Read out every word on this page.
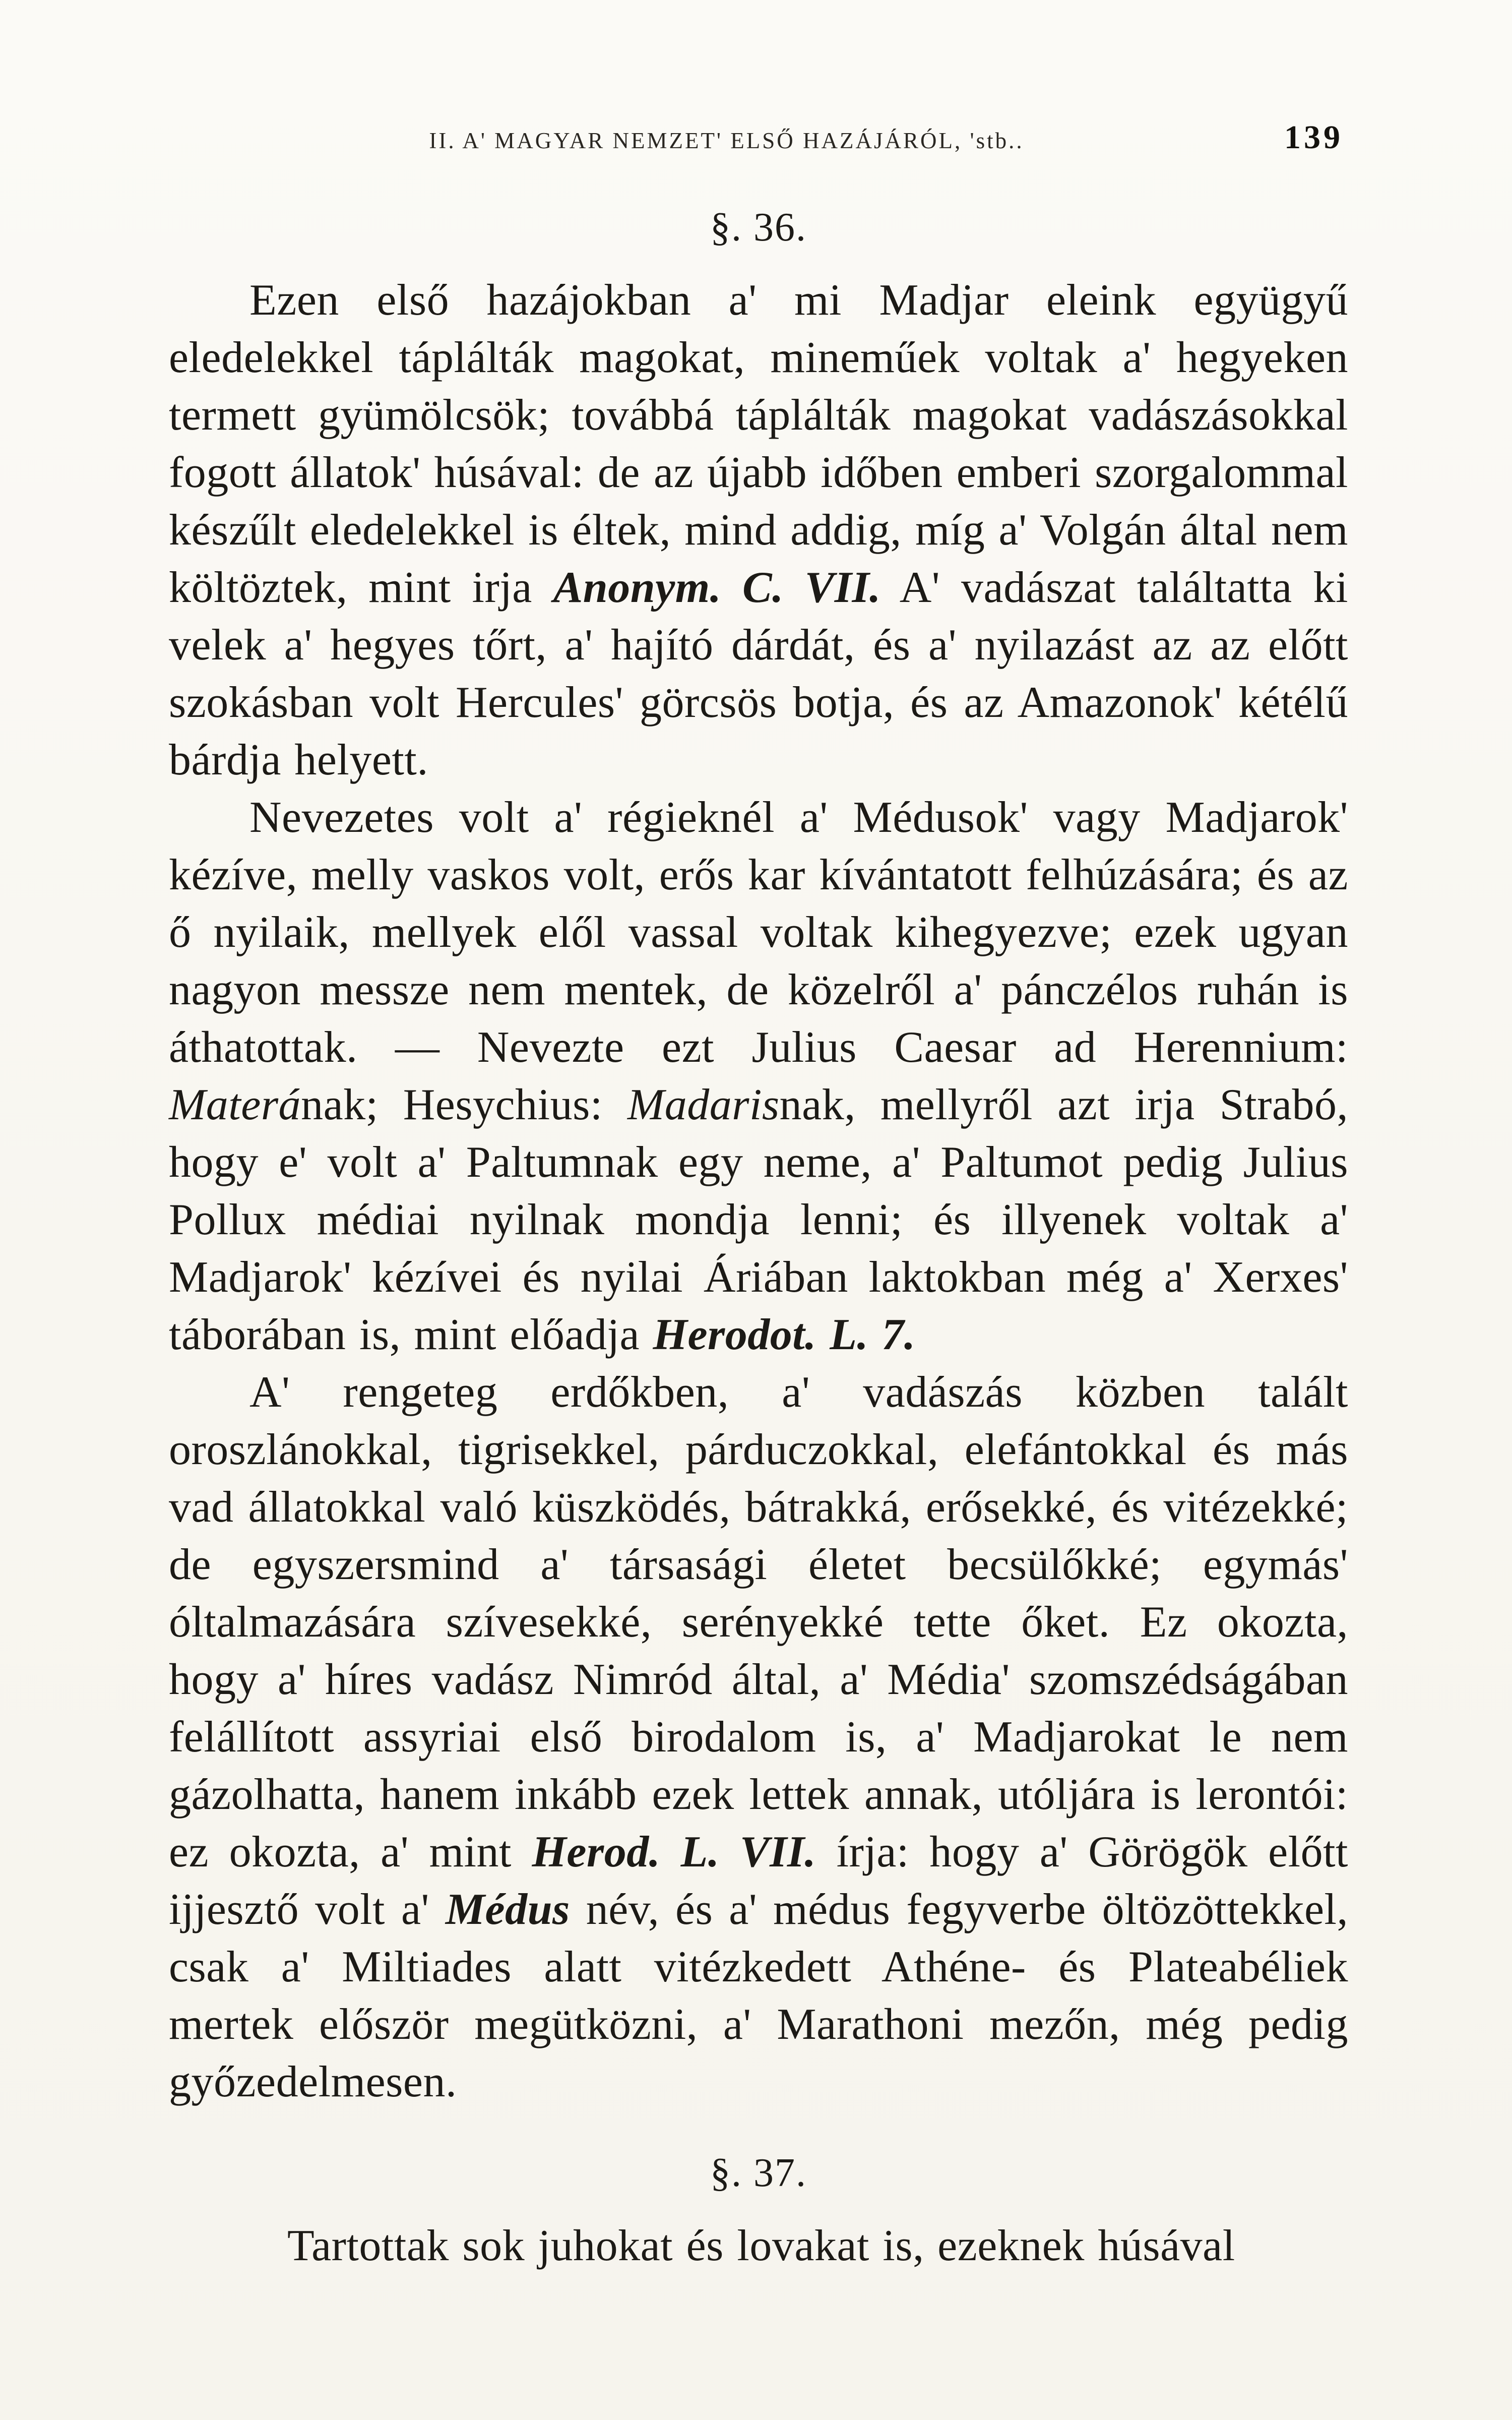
II. A' MAGYAR NEMZET' ELSŐ HAZÁJÁRÓL, 'stb..	139
§. 36.

Ezen első hazájokban a' mi Madjar eleink együgyű eledelekkel táplálták magokat, mineműek voltak a' hegyeken termett gyümölcsök; továbbá táplálták magokat vadászásokkal fogott állatok' húsával: de az újabb időben emberi szorgalommal készűlt eledelekkel is éltek, mind addig, míg a' Volgán által nem költöztek, mint irja Anonym. C. VII. A' vadászat találtatta ki velek a' hegyes tőrt, a' hajító dárdát, és a' nyilazást az az előtt szokásban volt Hercules' görcsös botja, és az Amazonok' kétélű bárdja helyett.

Nevezetes volt a' régieknél a' Médusok' vagy Madjarok' kézíve, melly vaskos volt, erős kar kívántatott felhúzására; és az ő nyilaik, mellyek elől vassal voltak kihegyezve; ezek ugyan nagyon messze nem mentek, de közelről a' pánczélos ruhán is áthatottak. — Nevezte ezt Julius Caesar ad Herennium: Materának; Hesychius: Madarisnak, mellyről azt irja Strabó, hogy e' volt a' Paltumnak egy neme, a' Paltumot pedig Julius Pollux médiai nyilnak mondja lenni; és illyenek voltak a' Madjarok' kézívei és nyilai Áriában laktokban még a' Xerxes' táborában is, mint előadja Herodot. L. 7.

A' rengeteg erdőkben, a' vadászás közben talált oroszlánokkal, tigrisekkel, párduczokkal, elefántokkal és más vad állatokkal való küszködés, bátrakká, erősekké, és vitézekké; de egyszersmind a' társasági életet becsülőkké; egymás' óltalmazására szívesekké, serényekké tette őket. Ez okozta, hogy a' híres vadász Nimród által, a' Média' szomszédságában felállított assyriai első birodalom is, a' Madjarokat le nem gázolhatta, hanem inkább ezek lettek annak, utóljára is lerontói: ez okozta, a' mint Herod. L. VII. írja: hogy a' Görögök előtt ijjesztő volt a' Médus név, és a' médus fegyverbe öltözöttekkel, csak a' Miltiades alatt vitézkedett Athéne- és Plateabéliek mertek először megütközni, a' Marathoni mezőn, még pedig győzedelmesen.

§. 37.

Tartottak sok juhokat és lovakat is, ezeknek húsával
